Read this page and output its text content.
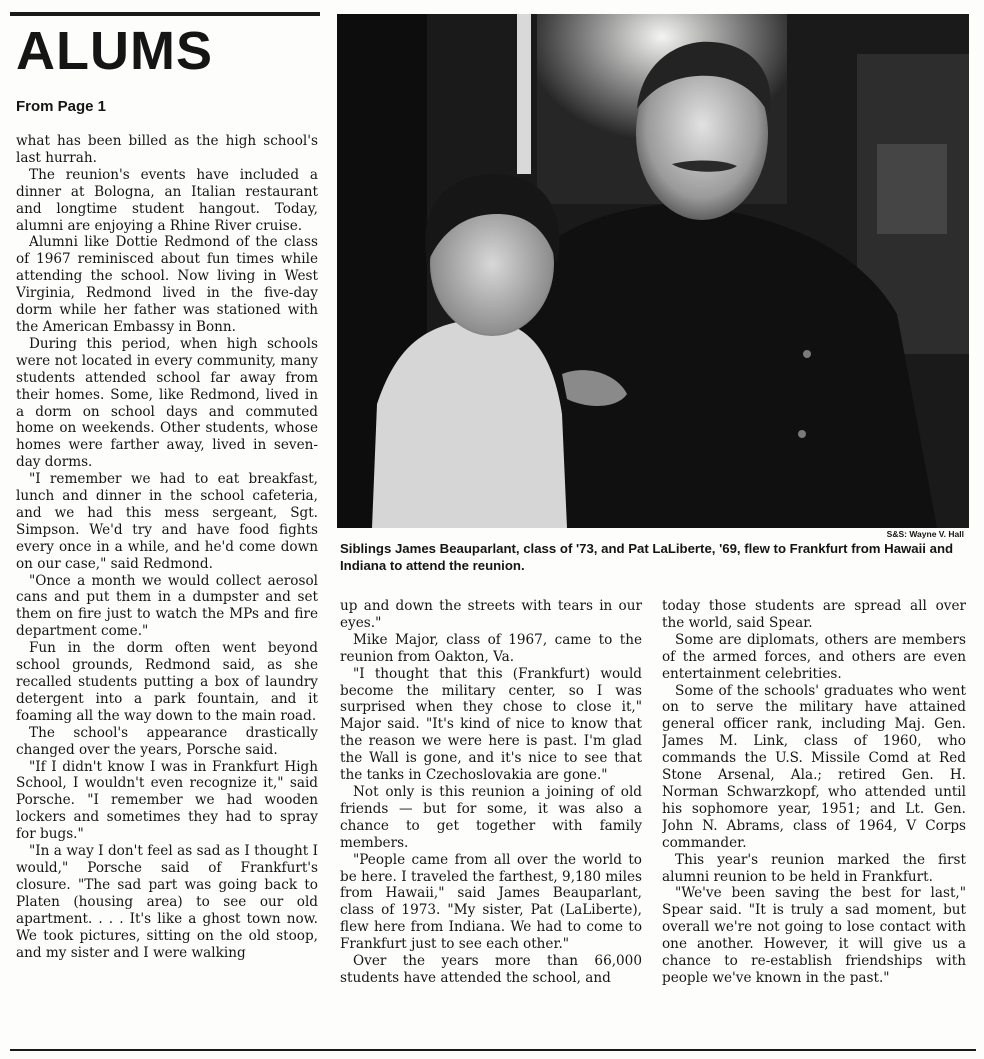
ALUMS
From Page 1

what has been billed as the high school's last hurrah.

The reunion's events have included a dinner at Bologna, an Italian restaurant and longtime student hangout. Today, alumni are enjoying a Rhine River cruise.

Alumni like Dottie Redmond of the class of 1967 reminisced about fun times while attending the school. Now living in West Virginia, Redmond lived in the five-day dorm while her father was stationed with the American Embassy in Bonn.

During this period, when high schools were not located in every community, many students attended school far away from their homes. Some, like Redmond, lived in a dorm on school days and commuted home on weekends. Other students, whose homes were farther away, lived in seven-day dorms.

"I remember we had to eat breakfast, lunch and dinner in the school cafeteria, and we had this mess sergeant, Sgt. Simpson. We'd try and have food fights every once in a while, and he'd come down on our case," said Redmond.

"Once a month we would collect aerosol cans and put them in a dumpster and set them on fire just to watch the MPs and fire department come."

Fun in the dorm often went beyond school grounds, Redmond said, as she recalled students putting a box of laundry detergent into a park fountain, and it foaming all the way down to the main road.

The school's appearance drastically changed over the years, Porsche said.

"If I didn't know I was in Frankfurt High School, I wouldn't even recognize it," said Porsche. "I remember we had wooden lockers and sometimes they had to spray for bugs."

"In a way I don't feel as sad as I thought I would," Porsche said of Frankfurt's closure. "The sad part was going back to Platen (housing area) to see our old apartment. . . . It's like a ghost town now. We took pictures, sitting on the old stoop, and my sister and I were walking

S&S: Wayne V. Hall

Siblings James Beauparlant, class of '73, and Pat LaLiberte, '69, flew to Frankfurt from Hawaii and Indiana to attend the reunion.

up and down the streets with tears in our eyes."

Mike Major, class of 1967, came to the reunion from Oakton, Va.

"I thought that this (Frankfurt) would become the military center, so I was surprised when they chose to close it," Major said. "It's kind of nice to know that the reason we were here is past. I'm glad the Wall is gone, and it's nice to see that the tanks in Czechoslovakia are gone."

Not only is this reunion a joining of old friends — but for some, it was also a chance to get together with family members.

"People came from all over the world to be here. I traveled the farthest, 9,180 miles from Hawaii," said James Beauparlant, class of 1973. "My sister, Pat (LaLiberte), flew here from Indiana. We had to come to Frankfurt just to see each other."

Over the years more than 66,000 students have attended the school, and

today those students are spread all over the world, said Spear.

Some are diplomats, others are members of the armed forces, and others are even entertainment celebrities.

Some of the schools' graduates who went on to serve the military have attained general officer rank, including Maj. Gen. James M. Link, class of 1960, who commands the U.S. Missile Comd at Red Stone Arsenal, Ala.; retired Gen. H. Norman Schwarzkopf, who attended until his sophomore year, 1951; and Lt. Gen. John N. Abrams, class of 1964, V Corps commander.

This year's reunion marked the first alumni reunion to be held in Frankfurt.

"We've been saving the best for last," Spear said. "It is truly a sad moment, but overall we're not going to lose contact with one another. However, it will give us a chance to re-establish friendships with people we've known in the past."
